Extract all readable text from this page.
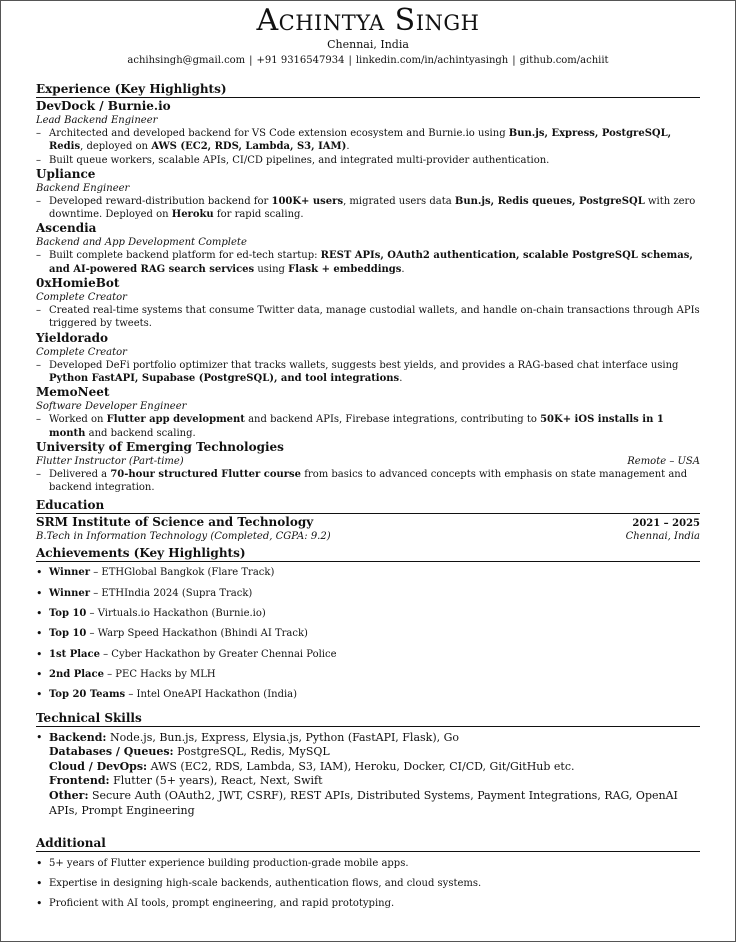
Achintya Singh
Chennai, India
achihsingh@gmail.com | +91 9316547934 | linkedin.com/in/achintyasingh | github.com/achiit
Experience (Key Highlights)
DevDock / Burnie.io
Lead Backend Engineer
– Architected and developed backend for VS Code extension ecosystem and Burnie.io using Bun.js, Express, PostgreSQL, Redis, deployed on AWS (EC2, RDS, Lambda, S3, IAM).
– Built queue workers, scalable APIs, CI/CD pipelines, and integrated multi-provider authentication.
Upliance
Backend Engineer
– Developed reward-distribution backend for 100K+ users, migrated users data Bun.js, Redis queues, PostgreSQL with zero downtime. Deployed on Heroku for rapid scaling.
Ascendia
Backend and App Development Complete
– Built complete backend platform for ed-tech startup: REST APIs, OAuth2 authentication, scalable PostgreSQL schemas, and AI-powered RAG search services using Flask + embeddings.
0xHomieBot
Complete Creator
– Created real-time systems that consume Twitter data, manage custodial wallets, and handle on-chain transactions through APIs triggered by tweets.
Yieldorado
Complete Creator
– Developed DeFi portfolio optimizer that tracks wallets, suggests best yields, and provides a RAG-based chat interface using Python FastAPI, Supabase (PostgreSQL), and tool integrations.
MemoNeet
Software Developer Engineer
– Worked on Flutter app development and backend APIs, Firebase integrations, contributing to 50K+ iOS installs in 1 month and backend scaling.
University of Emerging Technologies
Flutter Instructor (Part-time)	Remote – USA
– Delivered a 70-hour structured Flutter course from basics to advanced concepts with emphasis on state management and backend integration.
Education
SRM Institute of Science and Technology	2021 – 2025
B.Tech in Information Technology (Completed, CGPA: 9.2)	Chennai, India
Achievements (Key Highlights)
• Winner – ETHGlobal Bangkok (Flare Track)
• Winner – ETHIndia 2024 (Supra Track)
• Top 10 – Virtuals.io Hackathon (Burnie.io)
• Top 10 – Warp Speed Hackathon (Bhindi AI Track)
• 1st Place – Cyber Hackathon by Greater Chennai Police
• 2nd Place – PEC Hacks by MLH
• Top 20 Teams – Intel OneAPI Hackathon (India)
Technical Skills
• Backend: Node.js, Bun.js, Express, Elysia.js, Python (FastAPI, Flask), Go
Databases / Queues: PostgreSQL, Redis, MySQL
Cloud / DevOps: AWS (EC2, RDS, Lambda, S3, IAM), Heroku, Docker, CI/CD, Git/GitHub etc.
Frontend: Flutter (5+ years), React, Next, Swift
Other: Secure Auth (OAuth2, JWT, CSRF), REST APIs, Distributed Systems, Payment Integrations, RAG, OpenAI APIs, Prompt Engineering
Additional
• 5+ years of Flutter experience building production-grade mobile apps.
• Expertise in designing high-scale backends, authentication flows, and cloud systems.
• Proficient with AI tools, prompt engineering, and rapid prototyping.
